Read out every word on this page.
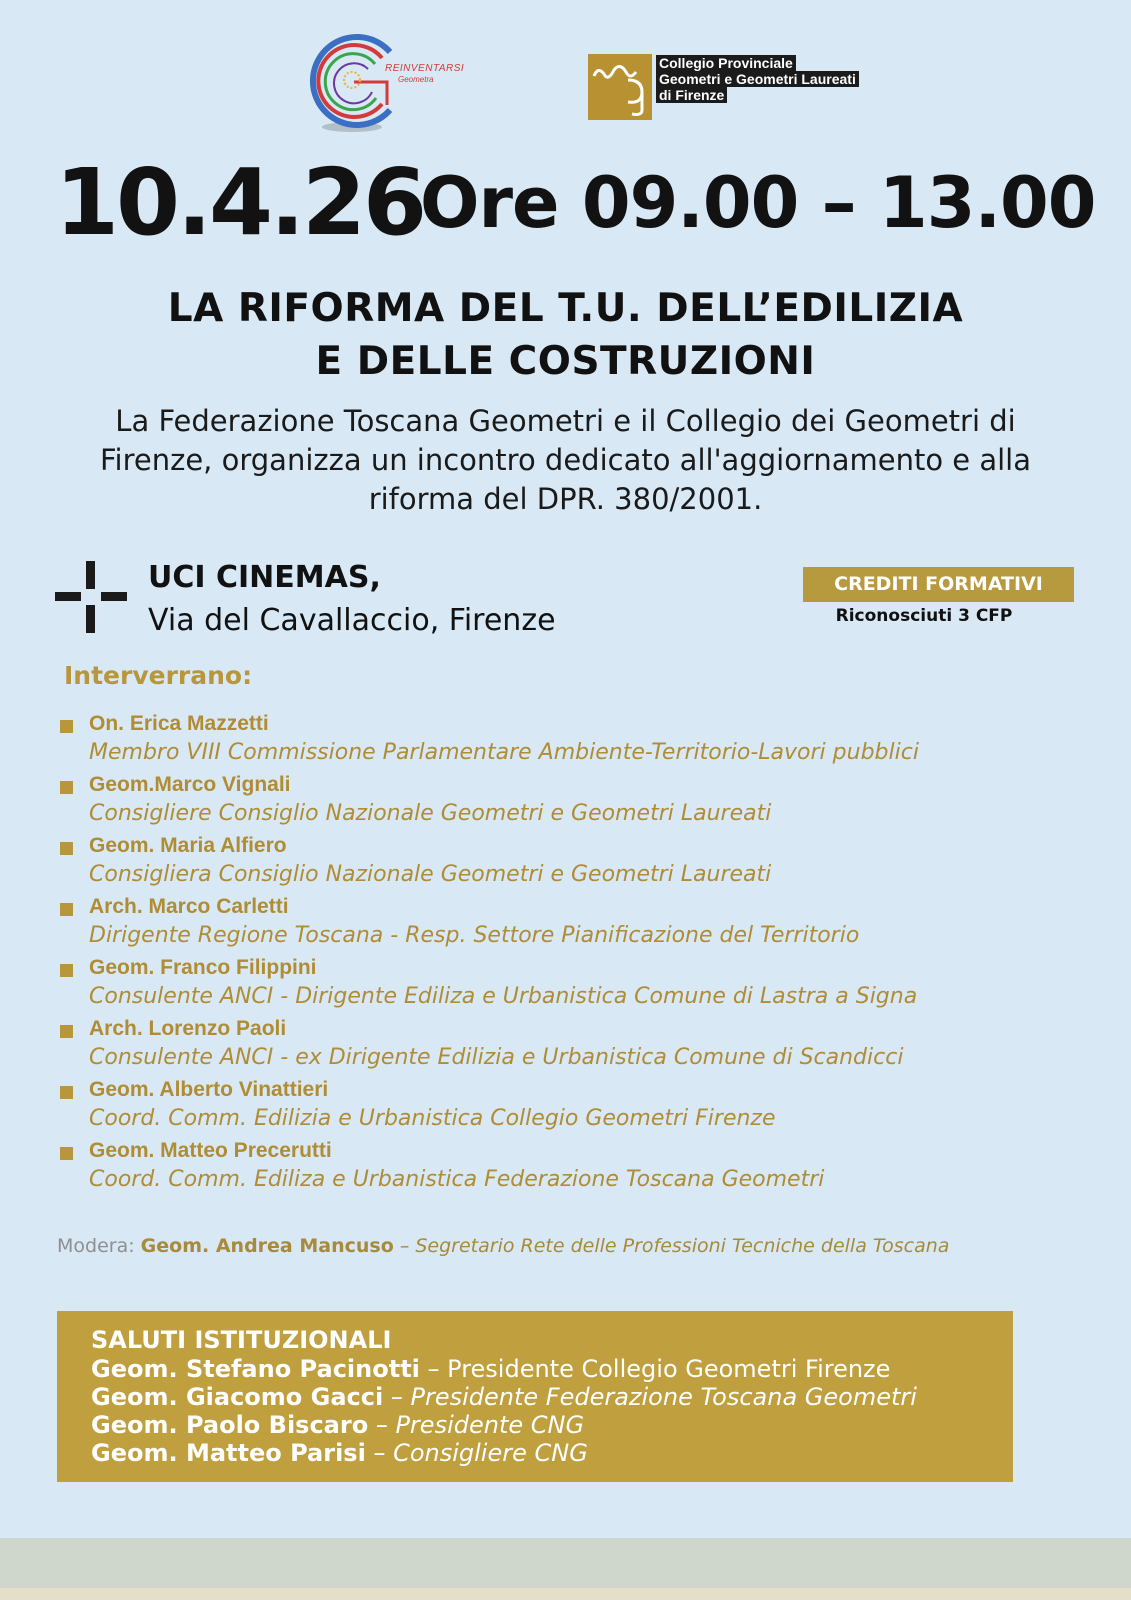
REINVENTARSI
Geometra
Collegio Provinciale
Geometri e Geometri Laureati
di Firenze
10.4.26
Ore 09.00 – 13.00
LA RIFORMA DEL T.U. DELL’EDILIZIA
E DELLE COSTRUZIONI
La Federazione Toscana Geometri e il Collegio dei Geometri di Firenze, organizza un incontro dedicato all'aggiornamento e alla riforma del DPR. 380/2001.
UCI CINEMAS,
Via del Cavallaccio, Firenze
CREDITI FORMATIVI
Riconosciuti 3 CFP
Interverrano:
On. Erica Mazzetti
Membro VIII Commissione Parlamentare Ambiente-Territorio-Lavori pubblici
Geom.Marco Vignali
Consigliere Consiglio Nazionale Geometri e Geometri Laureati
Geom. Maria Alfiero
Consigliera Consiglio Nazionale Geometri e Geometri Laureati
Arch. Marco Carletti
Dirigente Regione Toscana - Resp. Settore Pianificazione del Territorio
Geom. Franco Filippini
Consulente ANCI - Dirigente Ediliza e Urbanistica Comune di Lastra a Signa
Arch. Lorenzo Paoli
Consulente ANCI - ex Dirigente Edilizia e Urbanistica Comune di Scandicci
Geom. Alberto Vinattieri
Coord. Comm. Edilizia e Urbanistica Collegio Geometri Firenze
Geom. Matteo Precerutti
Coord. Comm. Ediliza e Urbanistica Federazione Toscana Geometri
Modera: Geom. Andrea Mancuso – Segretario Rete delle Professioni Tecniche della Toscana
SALUTI ISTITUZIONALI
Geom. Stefano Pacinotti – Presidente Collegio Geometri Firenze
Geom. Giacomo Gacci – Presidente Federazione Toscana Geometri
Geom. Paolo Biscaro – Presidente CNG
Geom. Matteo Parisi – Consigliere CNG
